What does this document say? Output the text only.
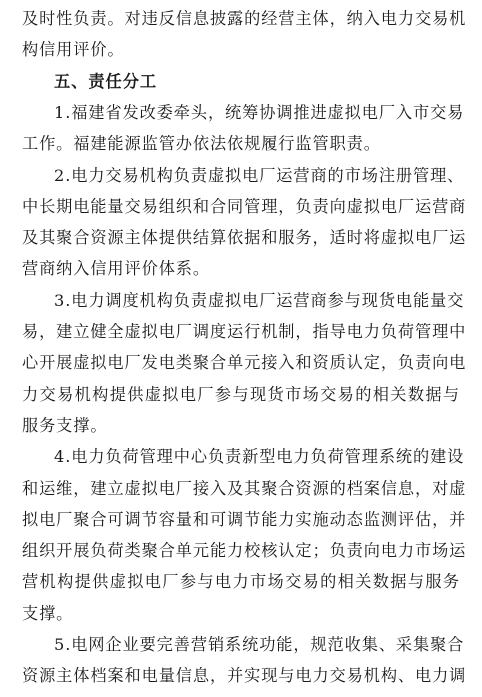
及时性负责。对违反信息披露的经营主体，纳入电力交易机
构信用评价。
五、责任分工
1.福建省发改委牵头，统筹协调推进虚拟电厂入市交易
工作。福建能源监管办依法依规履行监管职责。
2.电力交易机构负责虚拟电厂运营商的市场注册管理、
中长期电能量交易组织和合同管理，负责向虚拟电厂运营商
及其聚合资源主体提供结算依据和服务，适时将虚拟电厂运
营商纳入信用评价体系。
3.电力调度机构负责虚拟电厂运营商参与现货电能量交
易，建立健全虚拟电厂调度运行机制，指导电力负荷管理中
心开展虚拟电厂发电类聚合单元接入和资质认定，负责向电
力交易机构提供虚拟电厂参与现货市场交易的相关数据与
服务支撑。
4.电力负荷管理中心负责新型电力负荷管理系统的建设
和运维，建立虚拟电厂接入及其聚合资源的档案信息，对虚
拟电厂聚合可调节容量和可调节能力实施动态监测评估，并
组织开展负荷类聚合单元能力校核认定；负责向电力市场运
营机构提供虚拟电厂参与电力市场交易的相关数据与服务
支撑。
5.电网企业要完善营销系统功能，规范收集、采集聚合
资源主体档案和电量信息，并实现与电力交易机构、电力调
